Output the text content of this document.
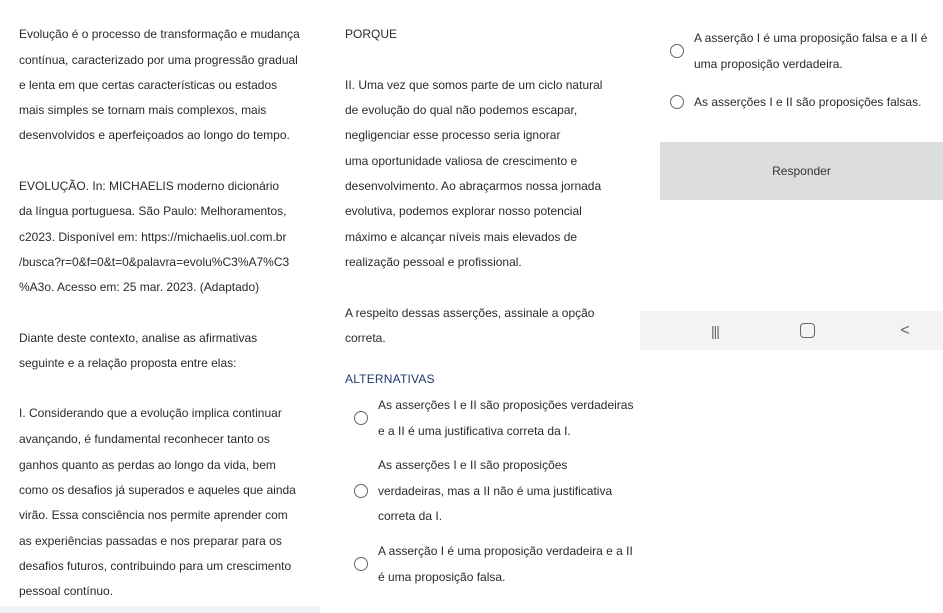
Evolução é o processo de transformação e mudança
contínua, caracterizado por uma progressão gradual
e lenta em que certas características ou estados
mais simples se tornam mais complexos, mais
desenvolvidos e aperfeiçoados ao longo do tempo.
EVOLUÇÃO. In: MICHAELIS moderno dicionário
da língua portuguesa. São Paulo: Melhoramentos,
c2023. Disponível em: https://michaelis.uol.com.br
/busca?r=0&f=0&t=0&palavra=evolu%C3%A7%C3
%A3o. Acesso em: 25 mar. 2023. (Adaptado)
Diante deste contexto, analise as afirmativas
seguinte e a relação proposta entre elas:
I. Considerando que a evolução implica continuar
avançando, é fundamental reconhecer tanto os
ganhos quanto as perdas ao longo da vida, bem
como os desafios já superados e aqueles que ainda
virão. Essa consciência nos permite aprender com
as experiências passadas e nos preparar para os
desafios futuros, contribuindo para um crescimento
pessoal contínuo.
PORQUE
II. Uma vez que somos parte de um ciclo natural
de evolução do qual não podemos escapar,
negligenciar esse processo seria ignorar
uma oportunidade valiosa de crescimento e
desenvolvimento. Ao abraçarmos nossa jornada
evolutiva, podemos explorar nosso potencial
máximo e alcançar níveis mais elevados de
realização pessoal e profissional.
A respeito dessas asserções, assinale a opção
correta.
ALTERNATIVAS
As asserções I e II são proposições verdadeiras
e a II é uma justificativa correta da I.
As asserções I e II são proposições
verdadeiras, mas a II não é uma justificativa
correta da I.
A asserção I é uma proposição verdadeira e a II
é uma proposição falsa.
A asserção I é uma proposição falsa e a II é
uma proposição verdadeira.
As asserções I e II são proposições falsas.
Responder
|||	<
